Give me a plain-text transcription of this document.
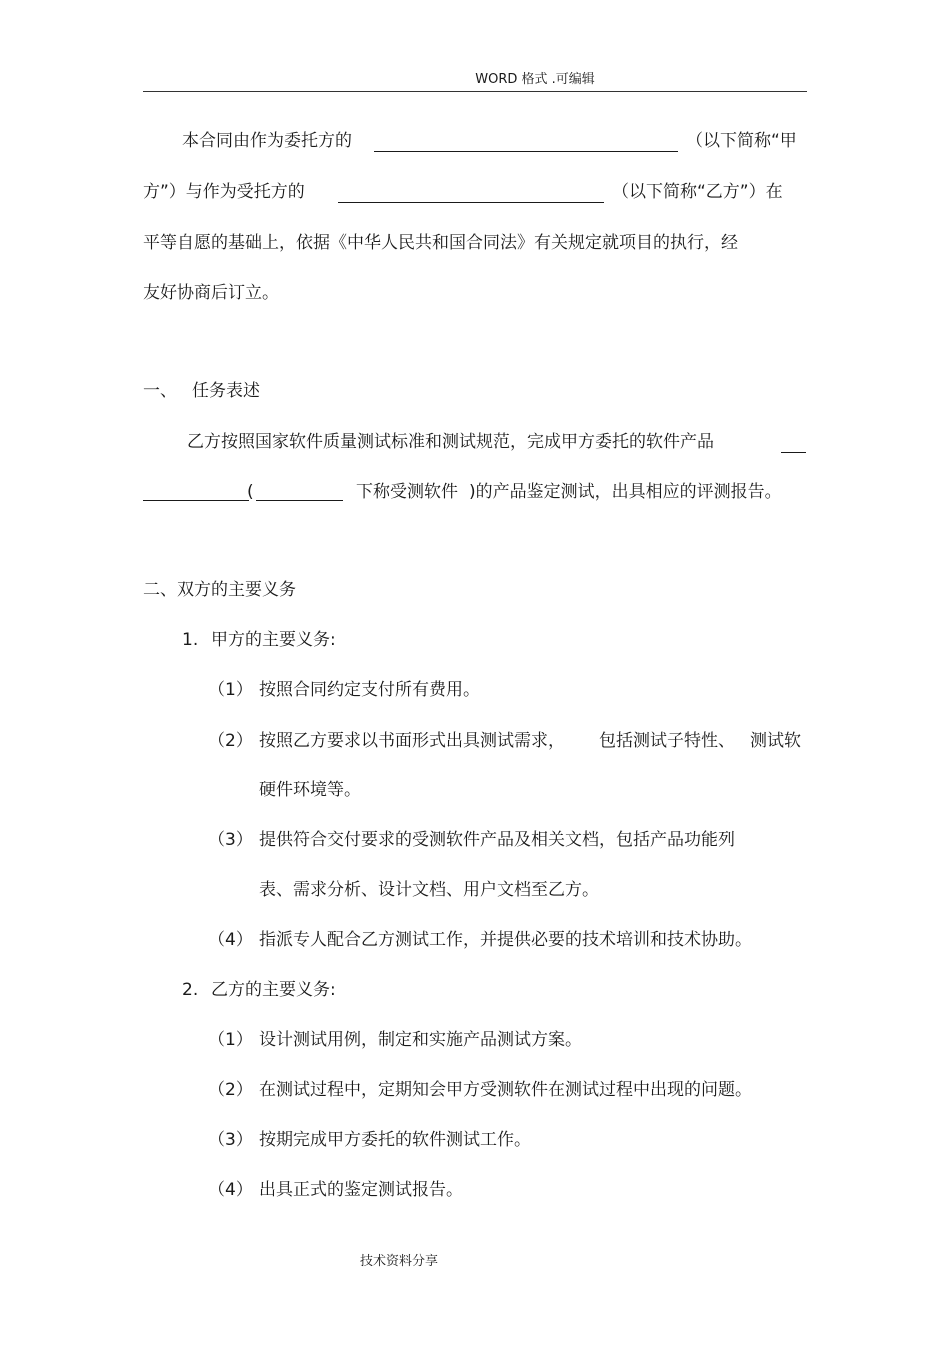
WORD 格式 .可编辑
本合同由作为委托方的	（以下简称“甲
方”）与作为受托方的	（以下简称“乙方”）在
平等自愿的基础上，依据《中华人民共和国合同法》有关规定就项目的执行，经
友好协商后订立。
一、 任务表述
乙方按照国家软件质量测试标准和测试规范，完成甲方委托的软件产品
(	下称受测软件 )的产品鉴定测试，出具相应的评测报告。
二、双方的主要义务
1. 甲方的主要义务:
（1） 按照合同约定支付所有费用。
（2） 按照乙方要求以书面形式出具测试需求， 包括测试子特性、 测试软
硬件环境等。
（3） 提供符合交付要求的受测软件产品及相关文档，包括产品功能列
表、需求分析、设计文档、用户文档至乙方。
（4） 指派专人配合乙方测试工作，并提供必要的技术培训和技术协助。
2. 乙方的主要义务:
（1） 设计测试用例，制定和实施产品测试方案。
（2） 在测试过程中，定期知会甲方受测软件在测试过程中出现的问题。
（3） 按期完成甲方委托的软件测试工作。
（4） 出具正式的鉴定测试报告。
技术资料分享
